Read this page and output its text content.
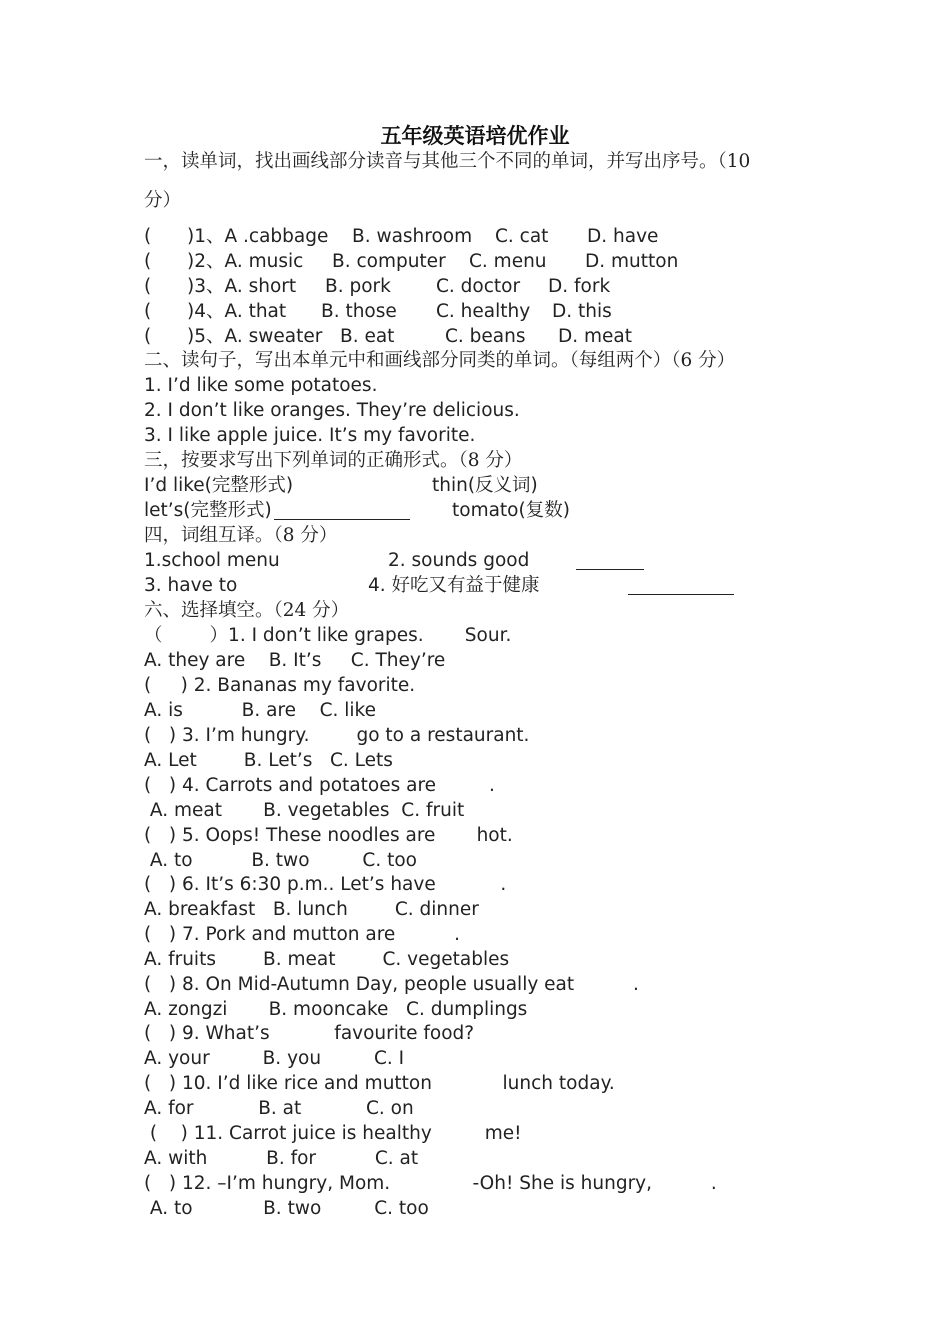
五年级英语培优作业
一，读单词，找出画线部分读音与其他三个不同的单词，并写出序号。（10
分）
( )1、A .cabbage B. washroom C. cat D. have
( )2、A. music B. computer C. menu D. mutton
( )3、A. short B. pork C. doctor D. fork
( )4、A. that B. those C. healthy D. this
( )5、A. sweater B. eat	C. beans D. meat
二、读句子，写出本单元中和画线部分同类的单词。（每组两个）（6 分）
1. I’d like some potatoes.
2. I don’t like oranges. They’re delicious.
3. I like apple juice. It’s my favorite.
三，按要求写出下列单词的正确形式。（8 分）
I’d like(完整形式)	thin(反义词)
let’s(完整形式)	tomato(复数)
四，词组互译。（8 分）
1.school menu	2. sounds good
3. have to	4. 好吃又有益于健康
六、选择填空。（24 分）
（        ）1. I don’t like grapes.       Sour.
A. they are    B. It’s     C. They’re
(     ) 2. Bananas my favorite.
A. is          B. are    C. like
(   ) 3. I’m hungry.        go to a restaurant.
A. Let        B. Let’s   C. Lets
(   ) 4. Carrots and potatoes are         .
A. meat       B. vegetables  C. fruit
(   ) 5. Oops! These noodles are       hot.
A. to          B. two         C. too
(   ) 6. It’s 6:30 p.m.. Let’s have           .
A. breakfast   B. lunch        C. dinner
(   ) 7. Pork and mutton are          .
A. fruits        B. meat        C. vegetables
(   ) 8. On Mid-Autumn Day, people usually eat          .
A. zongzi       B. mooncake   C. dumplings
(   ) 9. What’s           favourite food?
A. your         B. you         C. I
(   ) 10. I’d like rice and mutton            lunch today.
A. for           B. at           C. on
(    ) 11. Carrot juice is healthy         me!
A. with          B. for          C. at
(   ) 12. –I’m hungry, Mom.              -Oh! She is hungry,          .
A. to            B. two         C. too
